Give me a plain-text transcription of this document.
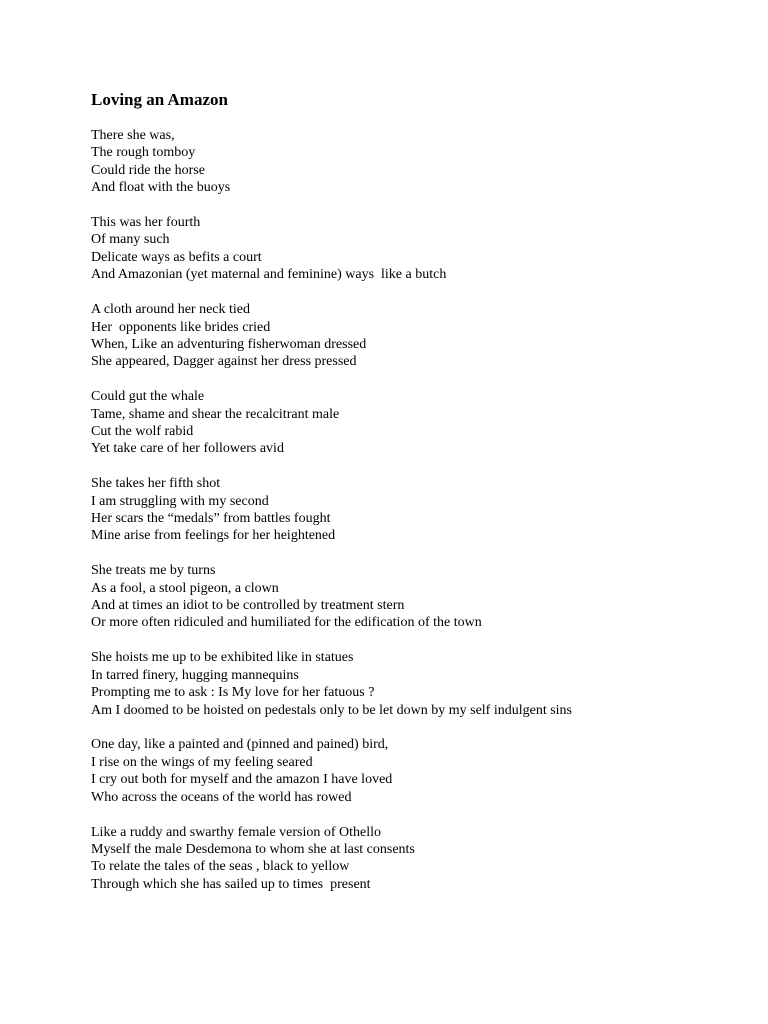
Loving an Amazon
There she was,
The rough tomboy
Could ride the horse
And float with the buoys
This was her fourth
Of many such
Delicate ways as befits a court
And Amazonian (yet maternal and feminine) ways  like a butch
A cloth around her neck tied
Her  opponents like brides cried
When, Like an adventuring fisherwoman dressed
She appeared, Dagger against her dress pressed
Could gut the whale
Tame, shame and shear the recalcitrant male
Cut the wolf rabid
Yet take care of her followers avid
She takes her fifth shot
I am struggling with my second
Her scars the “medals” from battles fought
Mine arise from feelings for her heightened
She treats me by turns
As a fool, a stool pigeon, a clown
And at times an idiot to be controlled by treatment stern
Or more often ridiculed and humiliated for the edification of the town
She hoists me up to be exhibited like in statues
In tarred finery, hugging mannequins
Prompting me to ask : Is My love for her fatuous ?
Am I doomed to be hoisted on pedestals only to be let down by my self indulgent sins
One day, like a painted and (pinned and pained) bird,
I rise on the wings of my feeling seared
I cry out both for myself and the amazon I have loved
Who across the oceans of the world has rowed
Like a ruddy and swarthy female version of Othello
Myself the male Desdemona to whom she at last consents
To relate the tales of the seas , black to yellow
Through which she has sailed up to times  present
